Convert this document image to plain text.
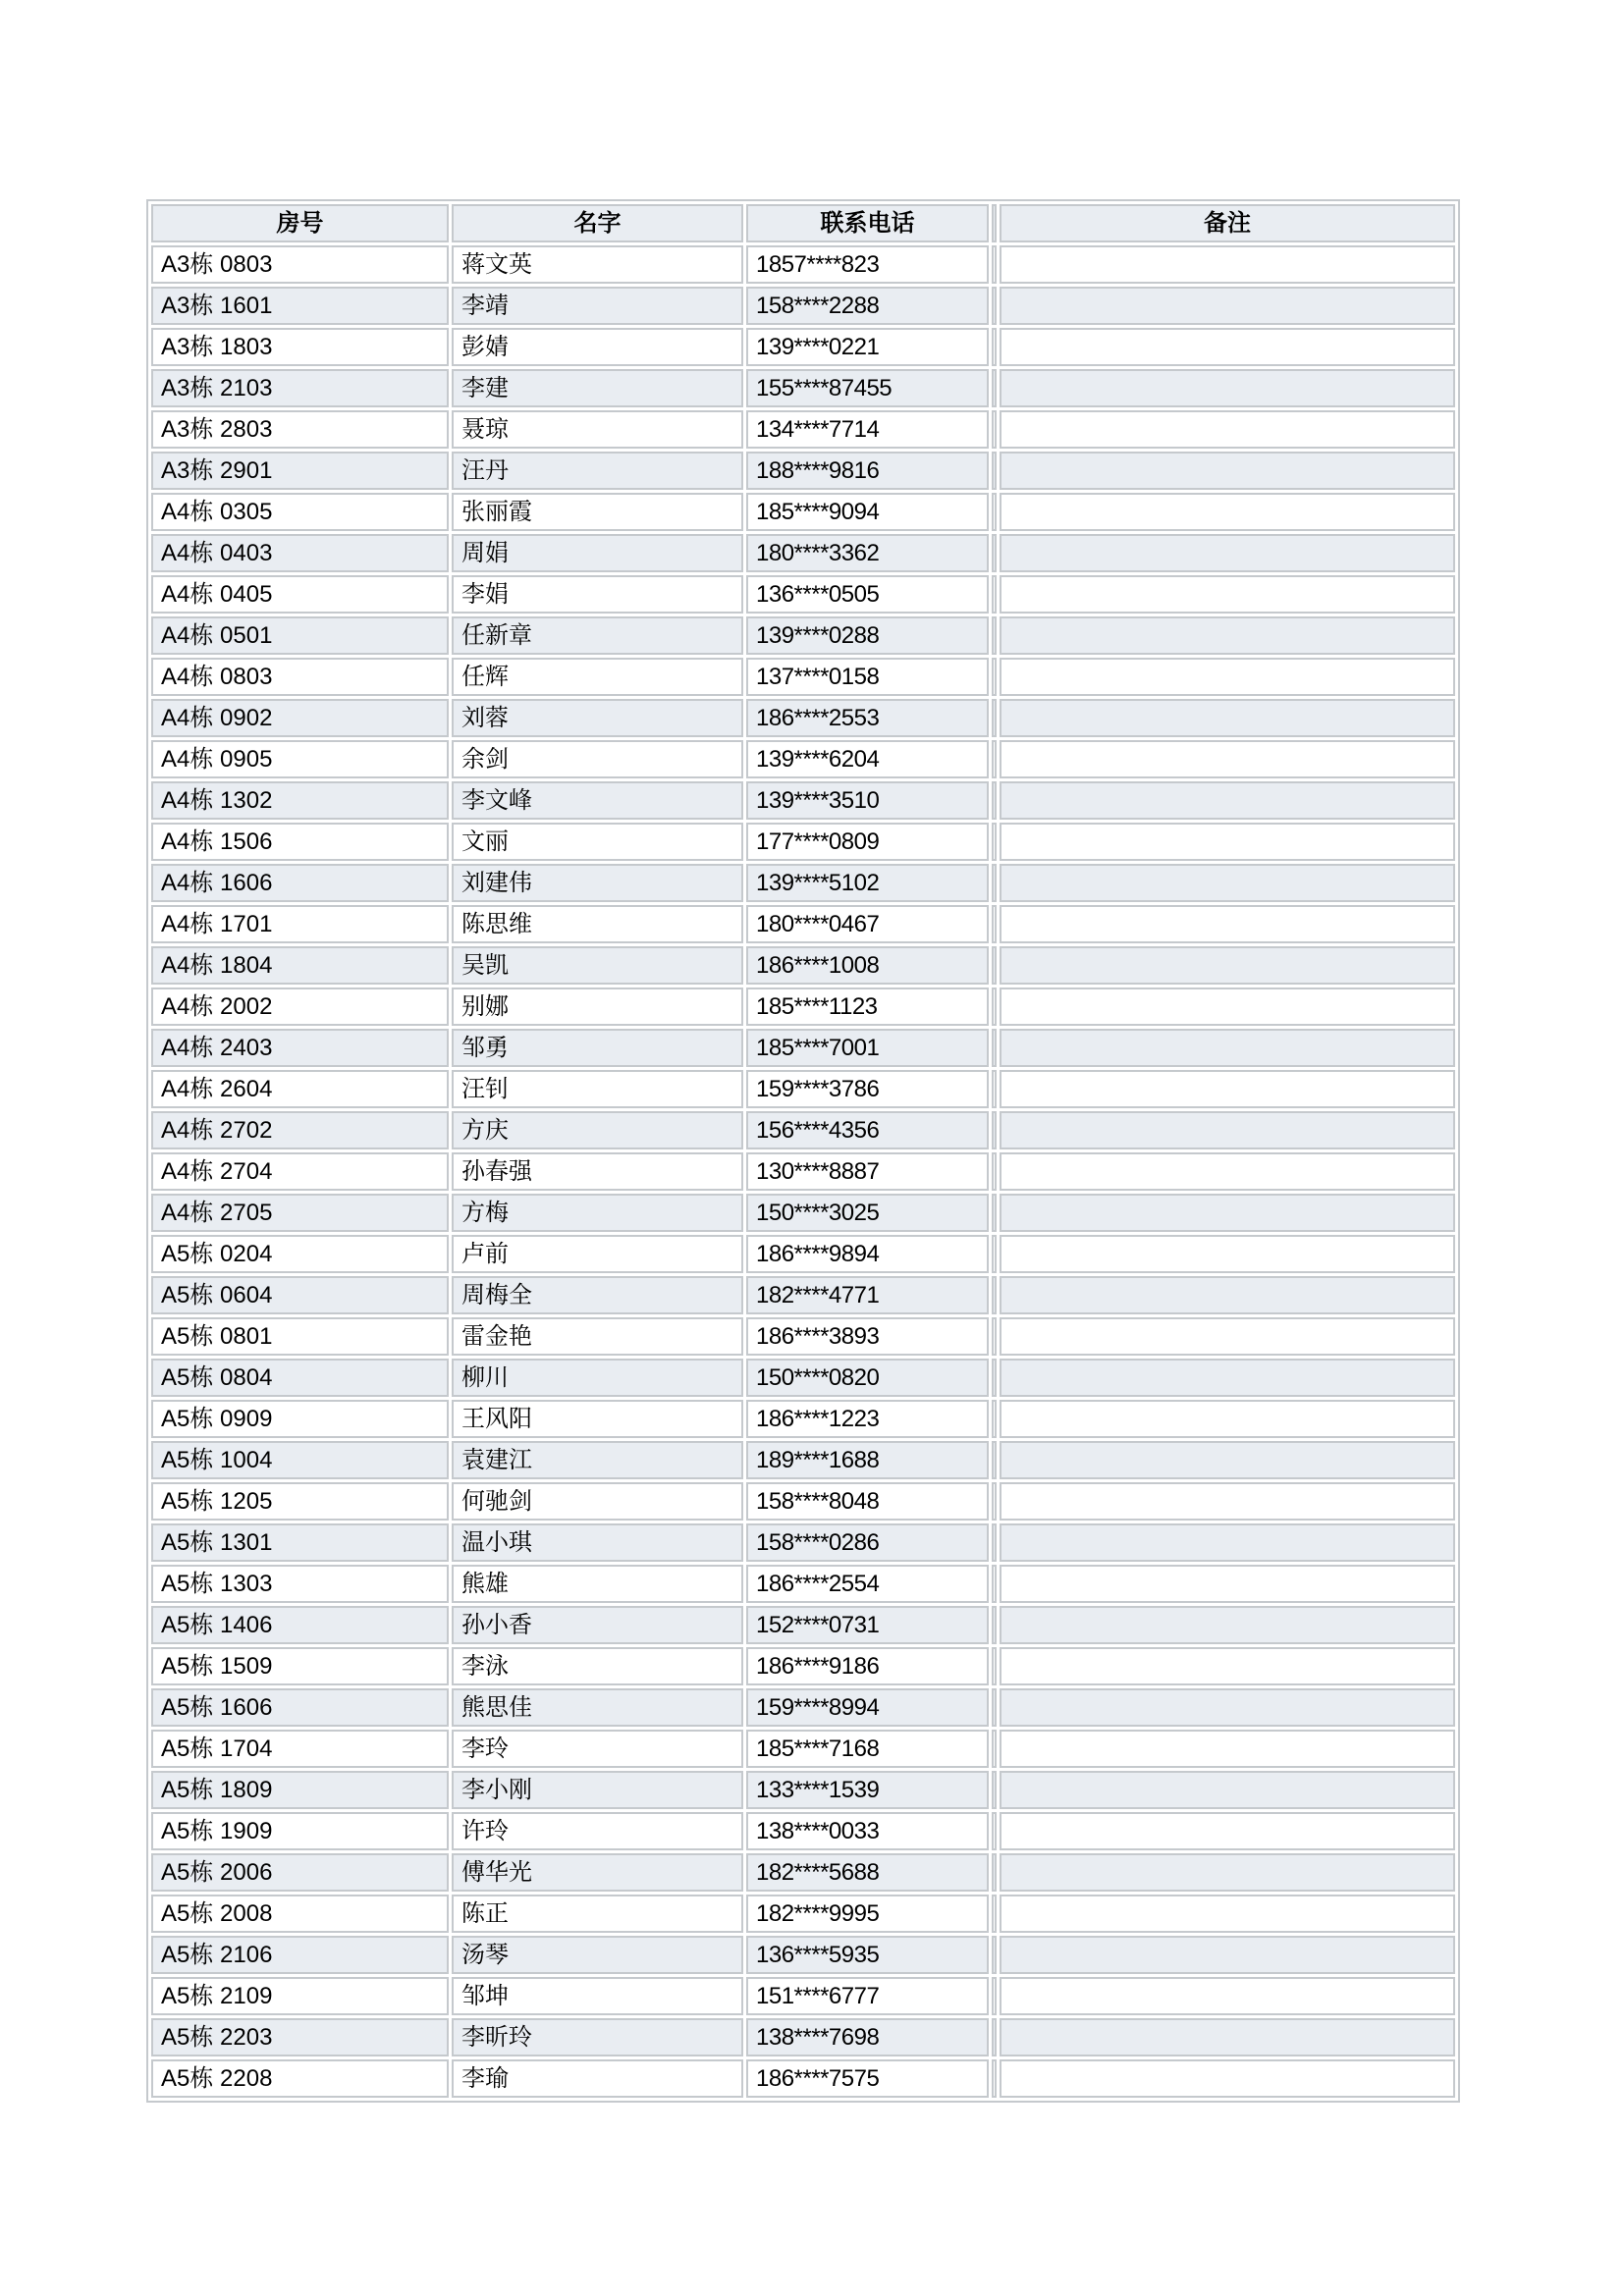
房号	名字	联系电话		备注
A3栋 0803	蒋文英	1857****823		
A3栋 1601	李靖	158****2288		
A3栋 1803	彭婧	139****0221		
A3栋 2103	李建	155****87455		
A3栋 2803	聂琼	134****7714		
A3栋 2901	汪丹	188****9816		
A4栋 0305	张丽霞	185****9094		
A4栋 0403	周娟	180****3362		
A4栋 0405	李娟	136****0505		
A4栋 0501	任新章	139****0288		
A4栋 0803	任辉	137****0158		
A4栋 0902	刘蓉	186****2553		
A4栋 0905	余剑	139****6204		
A4栋 1302	李文峰	139****3510		
A4栋 1506	文丽	177****0809		
A4栋 1606	刘建伟	139****5102		
A4栋 1701	陈思维	180****0467		
A4栋 1804	吴凯	186****1008		
A4栋 2002	别娜	185****1123		
A4栋 2403	邹勇	185****7001		
A4栋 2604	汪钊	159****3786		
A4栋 2702	方庆	156****4356		
A4栋 2704	孙春强	130****8887		
A4栋 2705	方梅	150****3025		
A5栋 0204	卢前	186****9894		
A5栋 0604	周梅全	182****4771		
A5栋 0801	雷金艳	186****3893		
A5栋 0804	柳川	150****0820		
A5栋 0909	王风阳	186****1223		
A5栋 1004	袁建江	189****1688		
A5栋 1205	何驰剑	158****8048		
A5栋 1301	温小琪	158****0286		
A5栋 1303	熊雄	186****2554		
A5栋 1406	孙小香	152****0731		
A5栋 1509	李泳	186****9186		
A5栋 1606	熊思佳	159****8994		
A5栋 1704	李玲	185****7168		
A5栋 1809	李小刚	133****1539		
A5栋 1909	许玲	138****0033		
A5栋 2006	傅华光	182****5688		
A5栋 2008	陈正	182****9995		
A5栋 2106	汤琴	136****5935		
A5栋 2109	邹坤	151****6777		
A5栋 2203	李昕玲	138****7698		
A5栋 2208	李瑜	186****7575		
